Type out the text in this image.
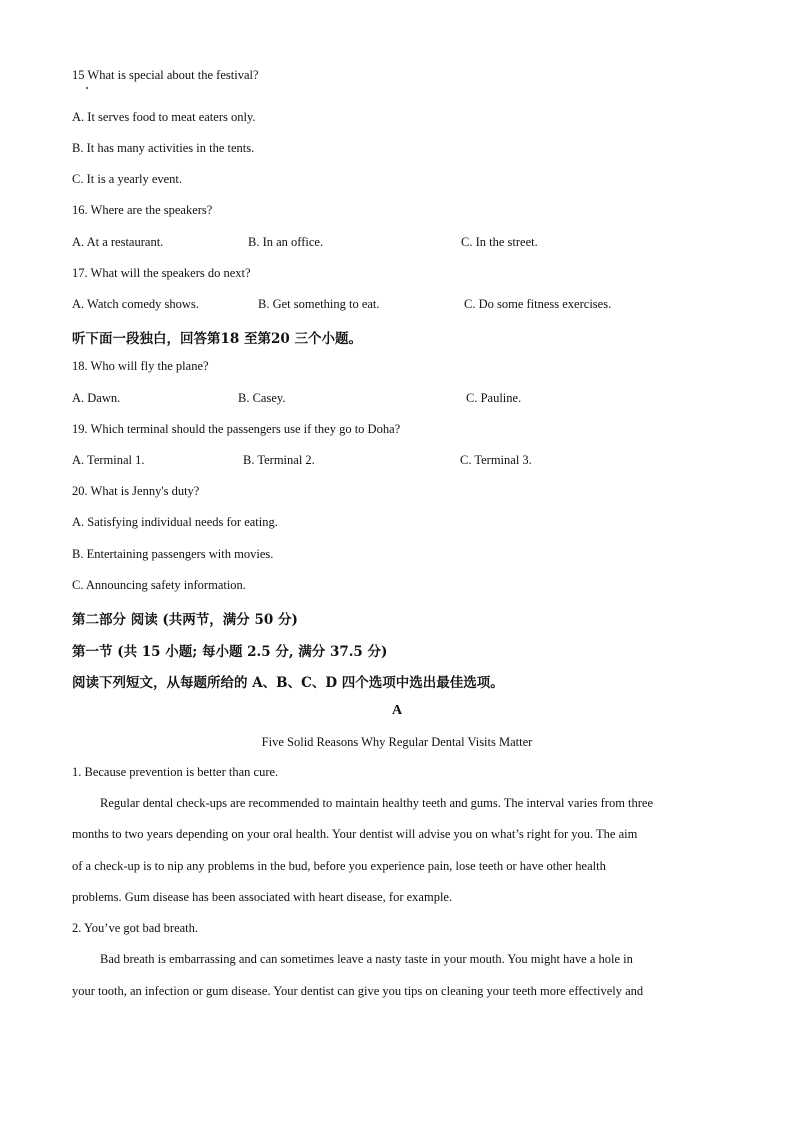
15 What is special about the festival?
A. It serves food to meat eaters only.
B. It has many activities in the tents.
C. It is a yearly event.
16. Where are the speakers?
A. At a restaurant.	B. In an office.	C. In the street.
17. What will the speakers do next?
A. Watch comedy shows.	B. Get something to eat.	C. Do some fitness exercises.
听下面一段独白，回答第18 至第20 三个小题。
18. Who will fly the plane?
A. Dawn.	B. Casey.	C. Pauline.
19. Which terminal should the passengers use if they go to Doha?
A. Terminal 1.	B. Terminal 2.	C. Terminal 3.
20. What is Jenny's duty?
A. Satisfying individual needs for eating.
B. Entertaining passengers with movies.
C. Announcing safety information.
第二部分 阅读 (共两节，满分 50 分)
第一节 (共 15 小题; 每小题 2.5 分, 满分 37.5 分)
阅读下列短文，从每题所给的 A、B、C、D 四个选项中选出最佳选项。
A
Five Solid Reasons Why Regular Dental Visits Matter
1. Because prevention is better than cure.
Regular dental check-ups are recommended to maintain healthy teeth and gums. The interval varies from three
months to two years depending on your oral health. Your dentist will advise you on what’s right for you. The aim
of a check-up is to nip any problems in the bud, before you experience pain, lose teeth or have other health
problems. Gum disease has been associated with heart disease, for example.
2. You’ve got bad breath.
Bad breath is embarrassing and can sometimes leave a nasty taste in your mouth. You might have a hole in
your tooth, an infection or gum disease. Your dentist can give you tips on cleaning your teeth more effectively and
